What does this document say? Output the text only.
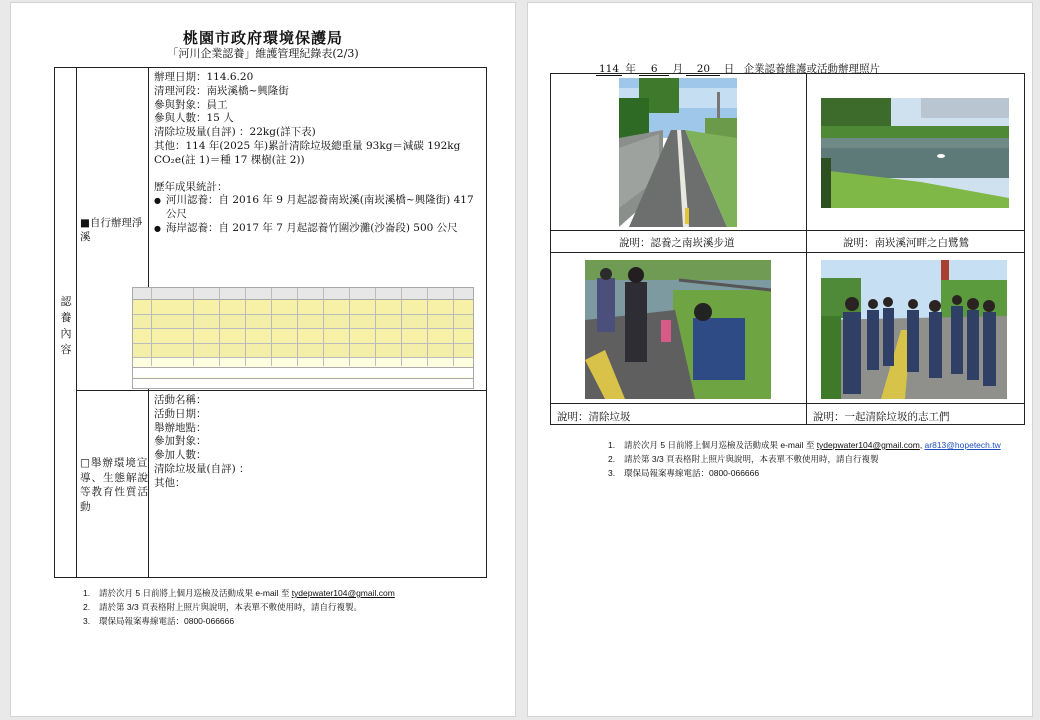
桃園市政府環境保護局
「河川企業認養」維護管理紀錄表(2/3)
認
養
內
容
■自行辦理淨溪
□舉辦環境宣導、生態解說等教育性質活動
辦理日期：114.6.20
清理河段：南崁溪橋~興隆街
參與對象：員工
參與人數：15 人
清除垃圾量(自評) ：22kg(詳下表)
其他：114 年(2025 年)累計清除垃圾總重量 93kg＝減碳 192kg
CO₂e(註 1)＝種 17 棵樹(註 2))
歷年成果統計：
● 河川認養：自 2016 年 9 月起認養南崁溪(南崁溪橋~興隆街) 417 公尺
● 海岸認養：自 2017 年 7 月起認養竹圍沙灘(沙崙段) 500 公尺
活動名稱：
活動日期：
舉辦地點：
參加對象：
參加人數：
清除垃圾量(自評) ：
其他：
1. 請於次月 5 日前將上個月巡檢及活動成果 e-mail 至 tydepwater104@gmail.com
2. 請於第 3/3 頁表格附上照片與說明，本表單不敷使用時，請自行複製。
3. 環保局報案專線電話：0800-066666
114 年 6 月 20 日 企業認養維護或活動辦理照片
說明：認養之南崁溪步道	說明：南崁溪河畔之白鷺鷥
說明：清除垃圾	說明：一起清除垃圾的志工們
1. 請於次月 5 日前將上個月巡檢及活動成果 e-mail 至 tydepwater104@gmail.com, ar813@hopetech.tw
2. 請於第 3/3 頁表格附上照片與說明，本表單不敷使用時，請自行複製
3. 環保局報案專線電話：0800-066666
